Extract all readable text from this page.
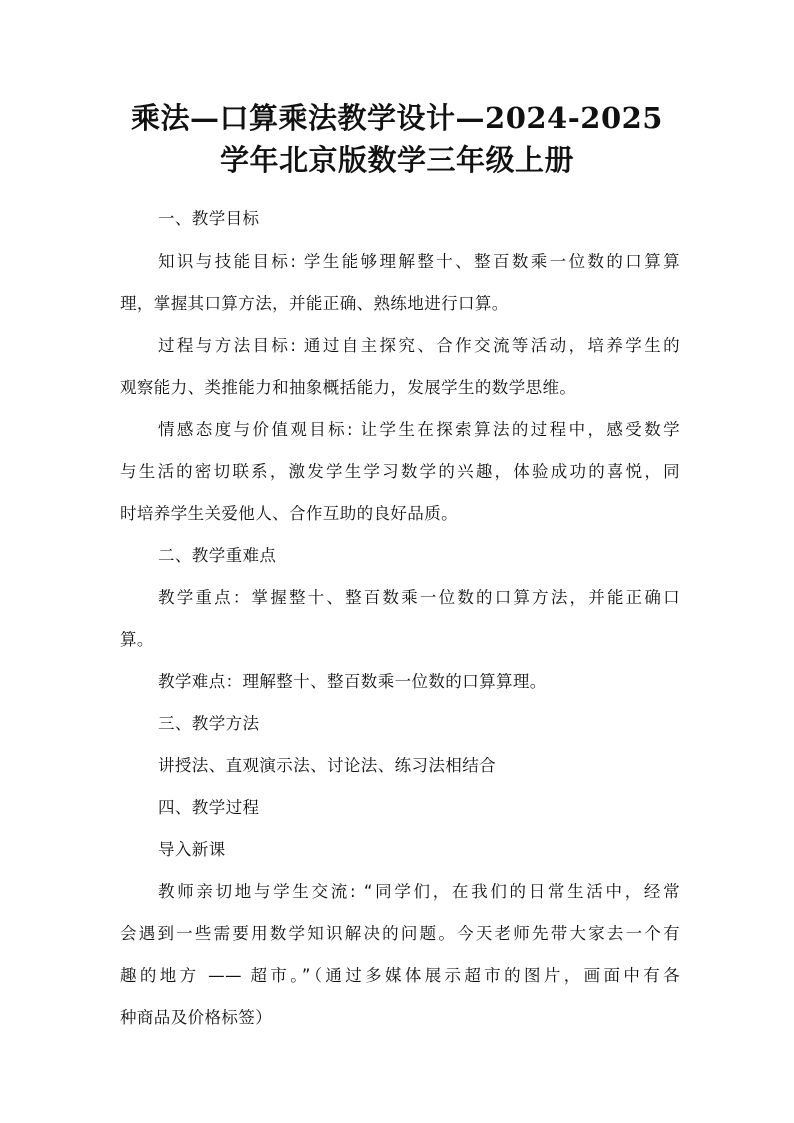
乘法—口算乘法教学设计—2024-2025
学年北京版数学三年级上册
一、教学目标
知识与技能目标: 学生能够理解整十、整百数乘一位数的口算算
理，掌握其口算方法，并能正确、熟练地进行口算。
过程与方法目标: 通过自主探究、合作交流等活动，培养学生的
观察能力、类推能力和抽象概括能力，发展学生的数学思维。
情感态度与价值观目标: 让学生在探索算法的过程中，感受数学
与生活的密切联系，激发学生学习数学的兴趣，体验成功的喜悦，同
时培养学生关爱他人、合作互助的良好品质。
二、教学重难点
教学重点：掌握整十、整百数乘一位数的口算方法，并能正确口
算。
教学难点：理解整十、整百数乘一位数的口算算理。
三、教学方法
讲授法、直观演示法、讨论法、练习法相结合
四、教学过程
导入新课
教师亲切地与学生交流: “同学们，在我们的日常生活中，经常
会遇到一些需要用数学知识解决的问题。今天老师先带大家去一个有
趣的地方 —— 超市。”（通过多媒体展示超市的图片，画面中有各
种商品及价格标签）
